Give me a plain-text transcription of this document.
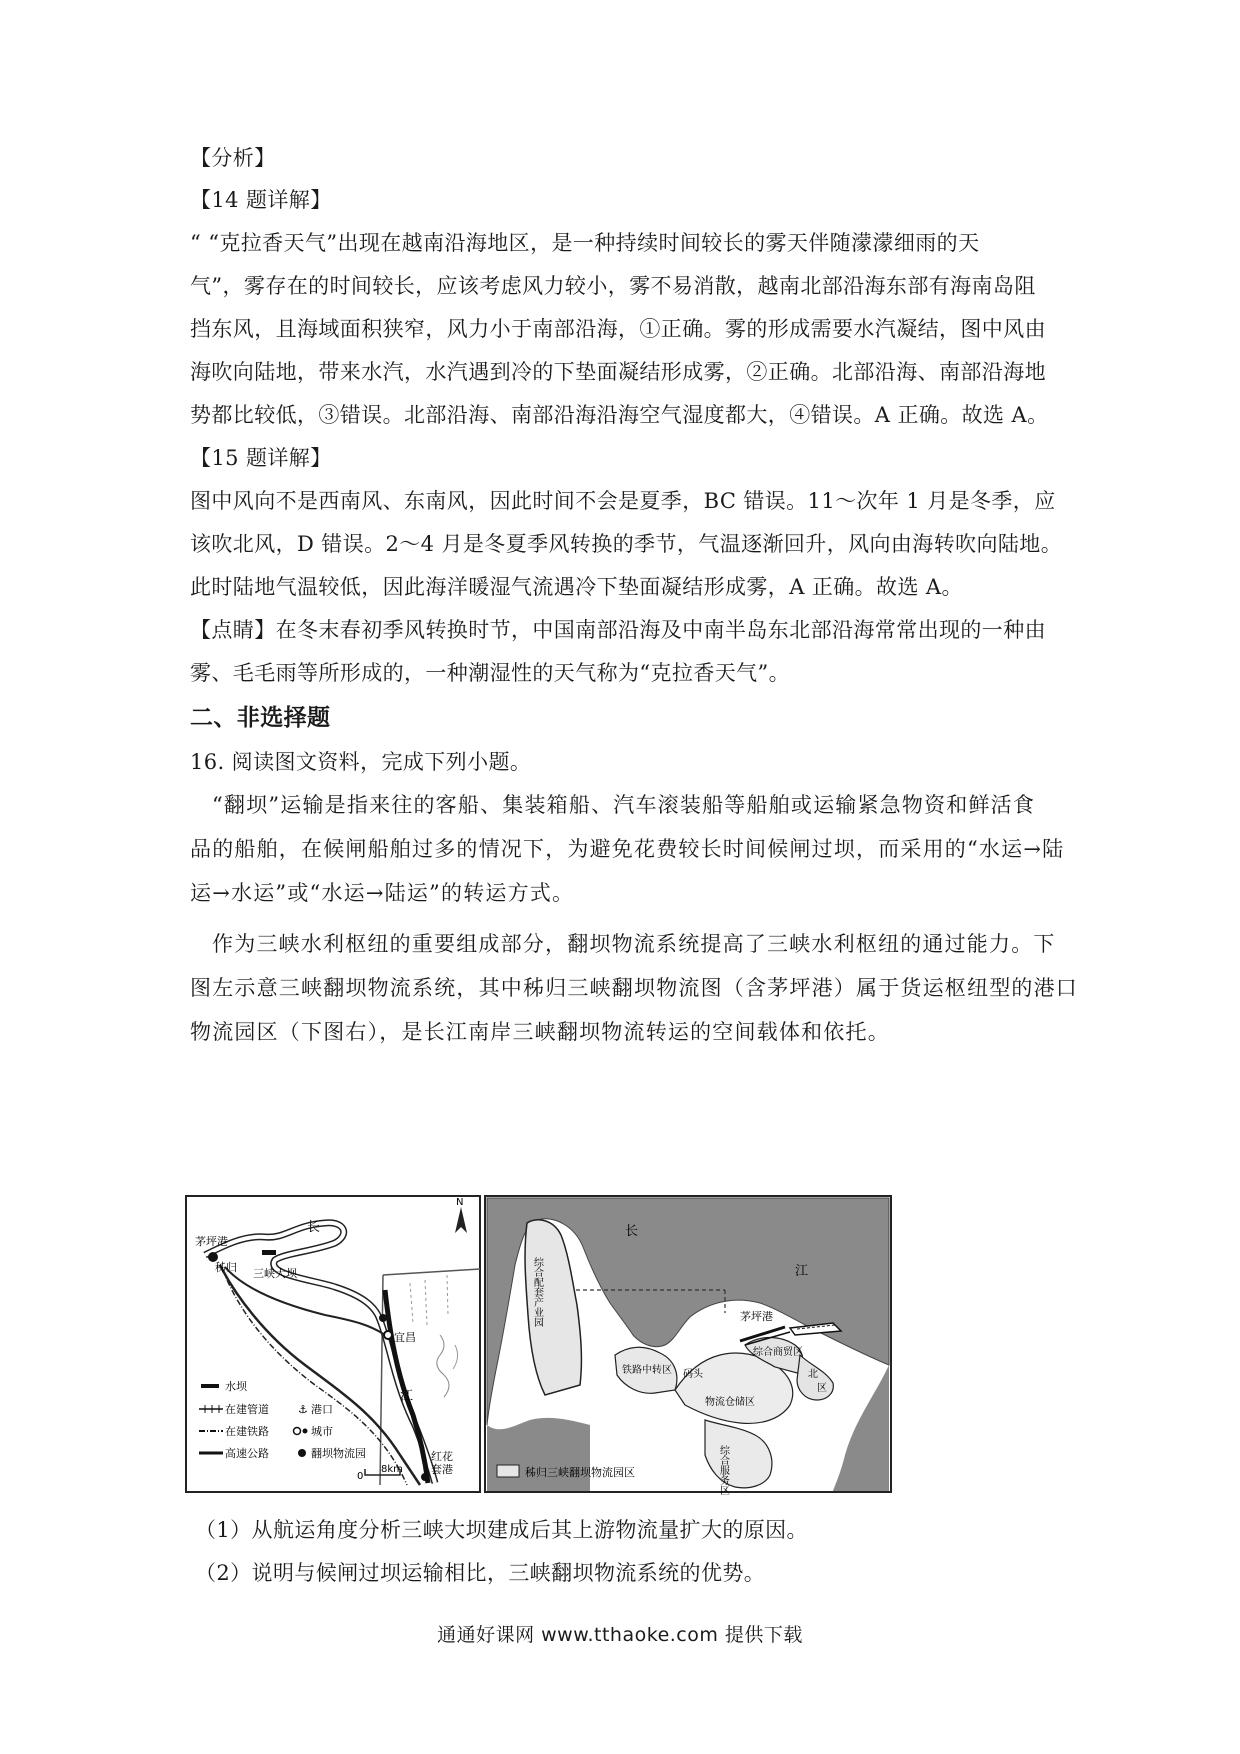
【分析】
【14 题详解】
“ “克拉香天气”出现在越南沿海地区，是一种持续时间较长的雾天伴随濛濛细雨的天
气”，雾存在的时间较长，应该考虑风力较小，雾不易消散，越南北部沿海东部有海南岛阻
挡东风，且海域面积狭窄，风力小于南部沿海，①正确。雾的形成需要水汽凝结，图中风由
海吹向陆地，带来水汽，水汽遇到冷的下垫面凝结形成雾，②正确。北部沿海、南部沿海地
势都比较低，③错误。北部沿海、南部沿海沿海空气湿度都大，④错误。A 正确。故选 A。
【15 题详解】
图中风向不是西南风、东南风，因此时间不会是夏季，BC 错误。11～次年 1 月是冬季，应
该吹北风，D 错误。2～4 月是冬夏季风转换的季节，气温逐渐回升，风向由海转吹向陆地。
此时陆地气温较低，因此海洋暖湿气流遇冷下垫面凝结形成雾，A 正确。故选 A。
【点睛】在冬末春初季风转换时节，中国南部沿海及中南半岛东北部沿海常常出现的一种由
雾、毛毛雨等所形成的，一种潮湿性的天气称为“克拉香天气”。
二、非选择题
16. 阅读图文资料，完成下列小题。
“翻坝”运输是指来往的客船、集装箱船、汽车滚装船等船舶或运输紧急物资和鲜活食
品的船舶，在候闸船舶过多的情况下，为避免花费较长时间候闸过坝，而采用的“水运→陆
运→水运”或“水运→陆运”的转运方式。
作为三峡水利枢纽的重要组成部分，翻坝物流系统提高了三峡水利枢纽的通过能力。下
图左示意三峡翻坝物流系统，其中秭归三峡翻坝物流图（含茅坪港）属于货运枢纽型的港口
物流园区（下图右），是长江南岸三峡翻坝物流转运的空间载体和依托。
N
茅坪港
秭归 三峡大坝
长
宜昌
江
红花
套港
0
8km
水坝
在建管道	⚓ 港口
在建铁路	城市
高速公路	翻坝物流园
长
江
茅坪港
综合配套产业园
铁路中转区 码头
综合商贸区
物流仓储区
综合服务区
北
区
秭归三峡翻坝物流园区
（1）从航运角度分析三峡大坝建成后其上游物流量扩大的原因。
（2）说明与候闸过坝运输相比，三峡翻坝物流系统的优势。
通通好课网 www.tthaoke.com 提供下载
